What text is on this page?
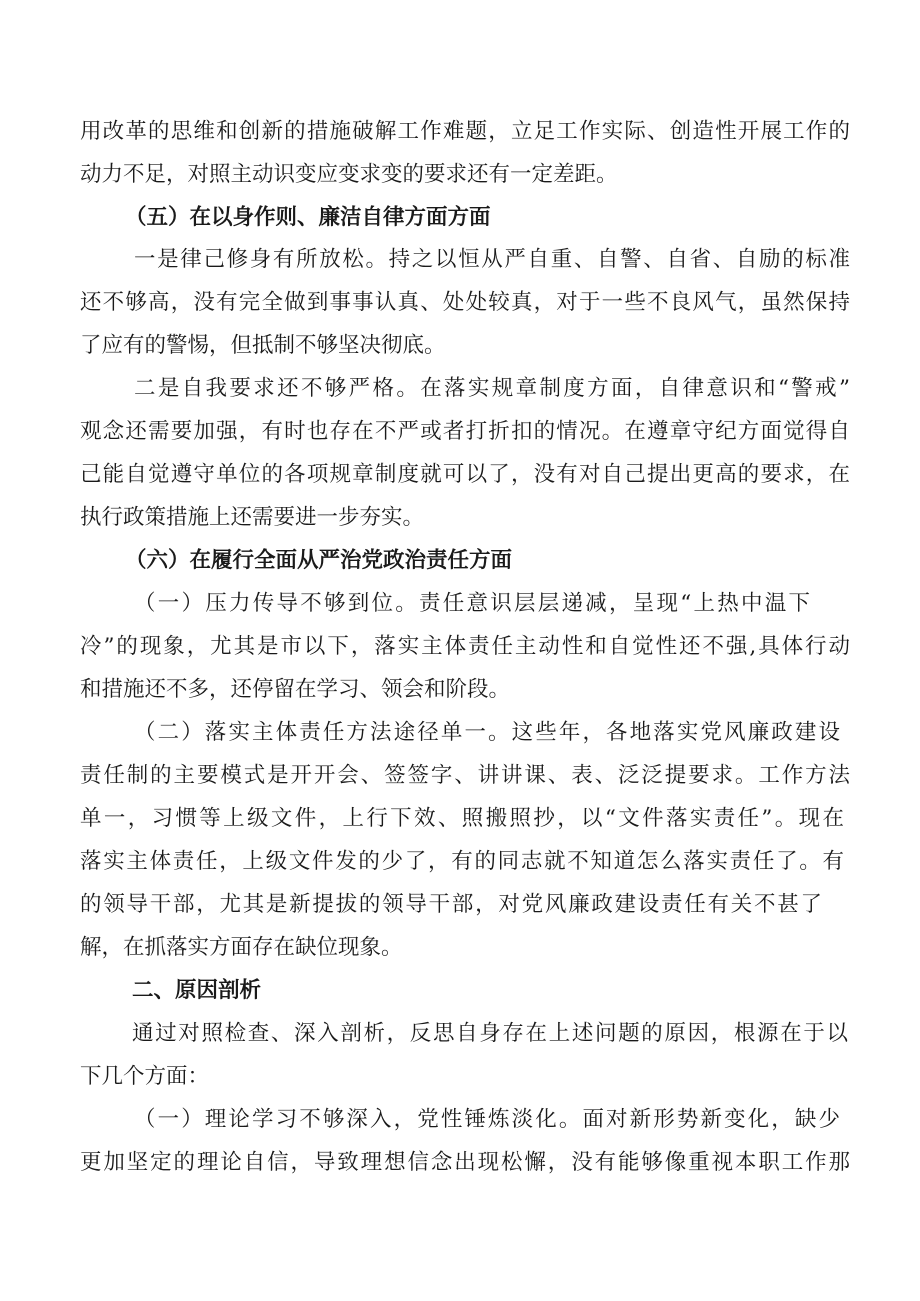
用改革的思维和创新的措施破解工作难题，立足工作实际、创造性开展工作的
动力不足，对照主动识变应变求变的要求还有一定差距。
（五）在以身作则、廉洁自律方面方面
一是律己修身有所放松。持之以恒从严自重、自警、自省、自励的标准
还不够高，没有完全做到事事认真、处处较真，对于一些不良风气，虽然保持
了应有的警惕，但抵制不够坚决彻底。
二是自我要求还不够严格。在落实规章制度方面，自律意识和“警戒”
观念还需要加强，有时也存在不严或者打折扣的情况。在遵章守纪方面觉得自
己能自觉遵守单位的各项规章制度就可以了，没有对自己提出更高的要求，在
执行政策措施上还需要进一步夯实。
（六）在履行全面从严治党政治责任方面
（一）压力传导不够到位。责任意识层层递减，呈现“上热中温下
冷”的现象，尤其是市以下，落实主体责任主动性和自觉性还不强,具体行动
和措施还不多，还停留在学习、领会和阶段。
（二）落实主体责任方法途径单一。这些年，各地落实党风廉政建设
责任制的主要模式是开开会、签签字、讲讲课、表、泛泛提要求。工作方法
单一，习惯等上级文件，上行下效、照搬照抄，以“文件落实责任”。现在
落实主体责任，上级文件发的少了，有的同志就不知道怎么落实责任了。有
的领导干部，尤其是新提拔的领导干部，对党风廉政建设责任有关不甚了
解，在抓落实方面存在缺位现象。
二、原因剖析
通过对照检查、深入剖析，反思自身存在上述问题的原因，根源在于以
下几个方面：
（一）理论学习不够深入，党性锤炼淡化。面对新形势新变化，缺少
更加坚定的理论自信，导致理想信念出现松懈，没有能够像重视本职工作那
